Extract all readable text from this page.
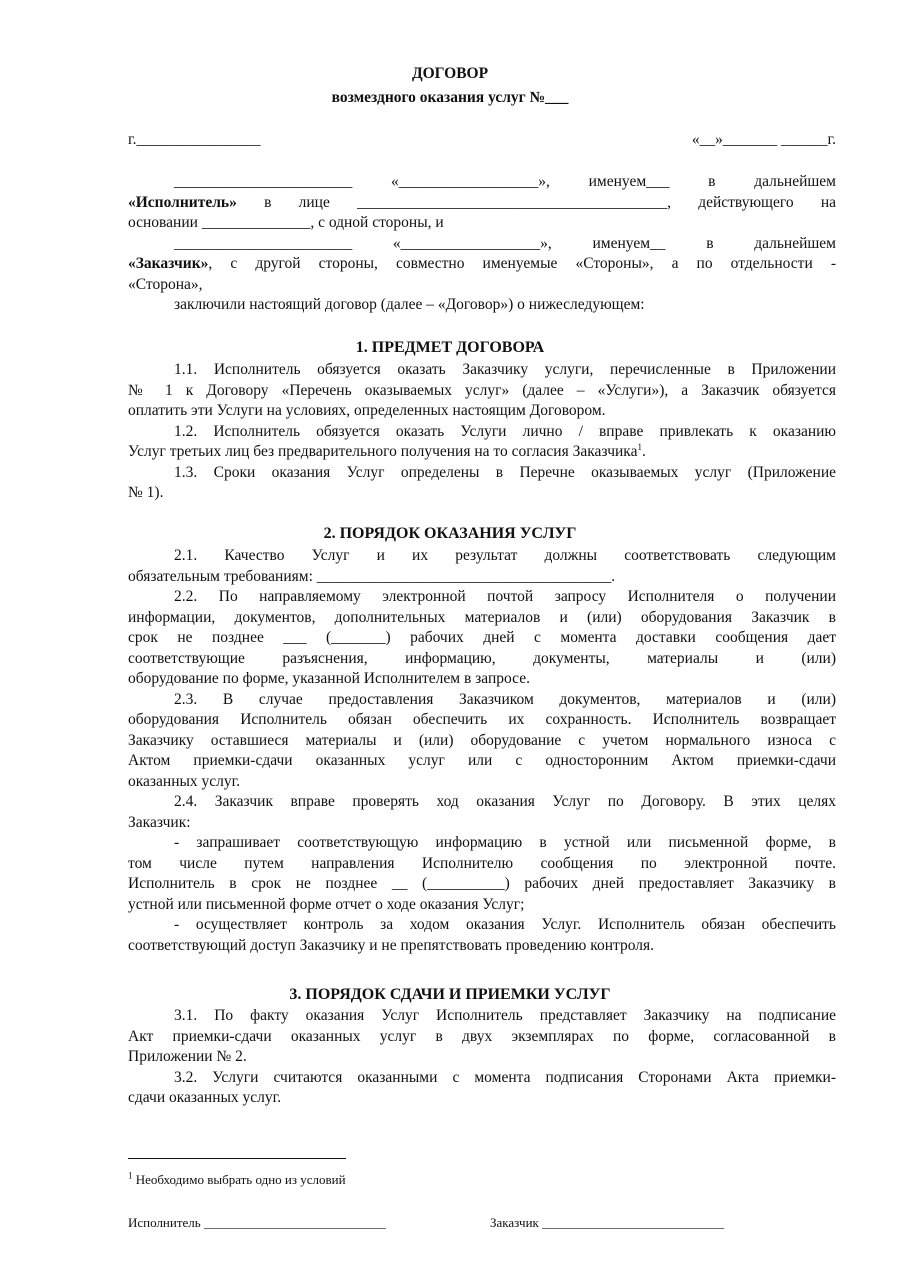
ДОГОВОР
возмездного оказания услуг №___
г.________________	«__»_______ ______г.
_______________________ «__________________», именуем___ в дальнейшем
«Исполнитель» в лице ________________________________________, действующего на
основании ______________, с одной стороны, и
_______________________ «__________________», именуем__ в дальнейшем
«Заказчик», с другой стороны, совместно именуемые «Стороны», а по отдельности -
«Сторона»,
заключили настоящий договор (далее – «Договор») о нижеследующем:
1. ПРЕДМЕТ ДОГОВОРА
1.1. Исполнитель обязуется оказать Заказчику услуги, перечисленные в Приложении
№ 1 к Договору «Перечень оказываемых услуг» (далее – «Услуги»), а Заказчик обязуется
оплатить эти Услуги на условиях, определенных настоящим Договором.
1.2. Исполнитель обязуется оказать Услуги лично / вправе привлекать к оказанию
Услуг третьих лиц без предварительного получения на то согласия Заказчика$^1$.
1.3. Сроки оказания Услуг определены в Перечне оказываемых услуг (Приложение
№ 1).
2. ПОРЯДОК ОКАЗАНИЯ УСЛУГ
2.1. Качество Услуг и их результат должны соответствовать следующим
обязательным требованиям: ______________________________________.
2.2. По направляемому электронной почтой запросу Исполнителя о получении
информации, документов, дополнительных материалов и (или) оборудования Заказчик в
срок не позднее ___ (_______) рабочих дней с момента доставки сообщения дает
соответствующие разъяснения, информацию, документы, материалы и (или)
оборудование по форме, указанной Исполнителем в запросе.
2.3. В случае предоставления Заказчиком документов, материалов и (или)
оборудования Исполнитель обязан обеспечить их сохранность. Исполнитель возвращает
Заказчику оставшиеся материалы и (или) оборудование с учетом нормального износа с
Актом приемки-сдачи оказанных услуг или с односторонним Актом приемки-сдачи
оказанных услуг.
2.4. Заказчик вправе проверять ход оказания Услуг по Договору. В этих целях
Заказчик:
- запрашивает соответствующую информацию в устной или письменной форме, в
том числе путем направления Исполнителю сообщения по электронной почте.
Исполнитель в срок не позднее __ (__________) рабочих дней предоставляет Заказчику в
устной или письменной форме отчет о ходе оказания Услуг;
- осуществляет контроль за ходом оказания Услуг. Исполнитель обязан обеспечить
соответствующий доступ Заказчику и не препятствовать проведению контроля.
3. ПОРЯДОК СДАЧИ И ПРИЕМКИ УСЛУГ
3.1. По факту оказания Услуг Исполнитель представляет Заказчику на подписание
Акт приемки-сдачи оказанных услуг в двух экземплярах по форме, согласованной в
Приложении № 2.
3.2. Услуги считаются оказанными с момента подписания Сторонами Акта приемки-
сдачи оказанных услуг.
$^1$ Необходимо выбрать одно из условий
Исполнитель ____________________________	Заказчик ____________________________
